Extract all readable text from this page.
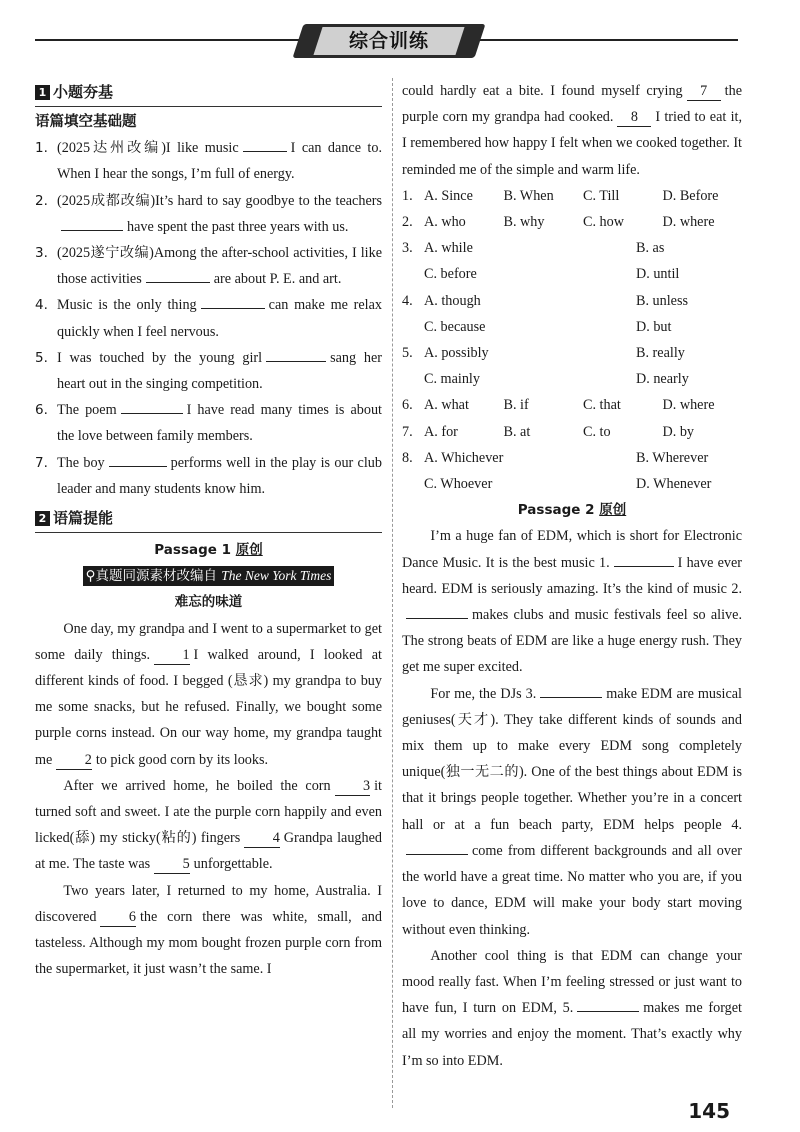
综合训练
1 小题夯基
语篇填空基础题
1. (2025达州改编)I like music	I can dance to. When I hear the songs, I’m full of energy.
2. (2025成都改编)It’s hard to say goodbye to the teachershave spent the past three years with us.
3. (2025遂宁改编)Among the after-school activities, I like those activities	are about P. E. and art.
4. Music is the only thing	can make me relax quickly when I feel nervous.
5. I was touched by the young girl	sang her heart out in the singing competition.
6. The poem	I have read many times is about the love between family members.
7. The boy	performs well in the play is our club leader and many students know him.
2 语篇提能
Passage 1 原创
⚲真题同源素材改编自 The New York Times
难忘的味道

One day, my grandpa and I went to a supermarket to get some daily things. 1 I walked around, I looked at different kinds of food. I begged (恳求) my grandpa to buy me some snacks, but he refused. Finally, we bought some purple corns instead. On our way home, my grandpa taught me 2 to pick good corn by its looks.

After we arrived home, he boiled the corn 3 it turned soft and sweet. I ate the purple corn happily and even licked(舔) my sticky(粘的) fingers 4 Grandpa laughed at me. The taste was 5 unforgettable.

Two years later, I returned to my home, Australia. I discovered 6 the corn there was white, small, and tasteless. Although my mom bought frozen purple corn from the supermarket, it just wasn’t the same. I

could hardly eat a bite. I found myself crying 7 the purple corn my grandpa had cooked. 8 I tried to eat it, I remembered how happy I felt when we cooked together. It reminded me of the simple and warm life.

1. A. Since	B. When	C. Till	D. Before
2. A. who	B. why	C. how	D. where
3. A. while	B. as
C. before	D. until
4. A. though	B. unless
C. because	D. but
5. A. possibly	B. really
C. mainly	D. nearly
6. A. what	B. if	C. that	D. where
7. A. for	B. at	C. to	D. by
8. A. Whichever	B. Wherever
C. Whoever	D. Whenever
Passage 2 原创

I’m a huge fan of EDM, which is short for Electronic Dance Music. It is the best music 1.	I have ever heard. EDM is seriously amazing. It’s the kind of music 2.makes clubs and music festivals feel so alive. The strong beats of EDM are like a huge energy rush. They get me super excited.

For me, the DJs 3.	make EDM are musical geniuses(天才). They take different kinds of sounds and mix them up to make every EDM song completely unique(独一无二的). One of the best things about EDM is that it brings people together. Whether you’re in a concert hall or at a fun beach party, EDM helps people 4.come from different backgrounds and all over the world have a great time. No matter who you are, if you love to dance, EDM will make your body start moving without even thinking.

Another cool thing is that EDM can change your mood really fast. When I’m feeling stressed or just want to have fun, I turn on EDM, 5.	makes me forget all my worries and enjoy the moment. That’s exactly why I’m so into EDM.

145
